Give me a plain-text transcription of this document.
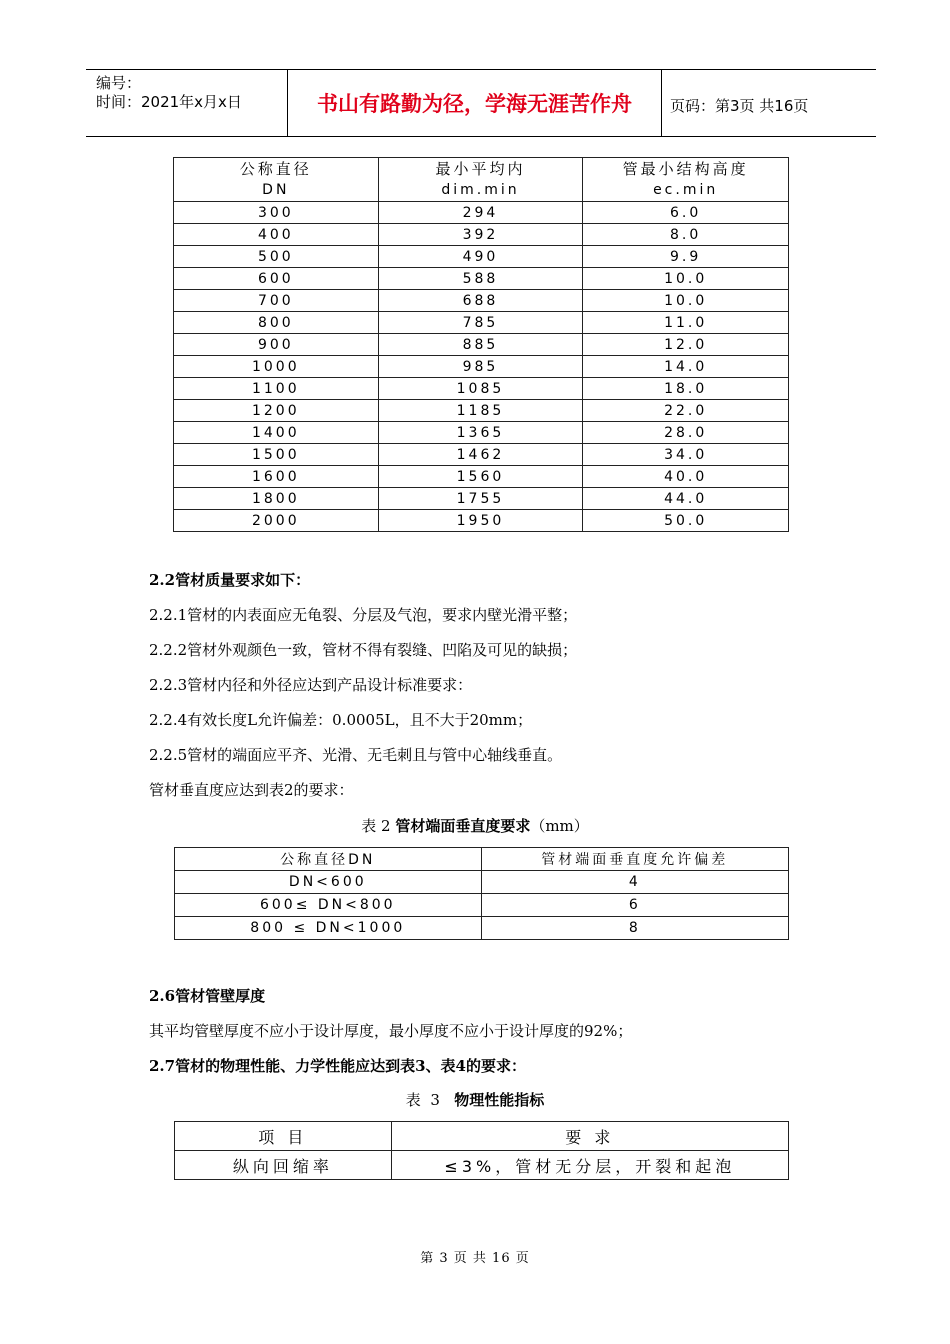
编号：
时间：2021年x月x日	书山有路勤为径，学海无涯苦作舟	页码：第3页 共16页
公称直径	最小平均内	管最小结构高度
DN	dim.min	ec.min
300	294	6.0
400	392	8.0
500	490	9.9
600	588	10.0
700	688	10.0
800	785	11.0
900	885	12.0
1000	985	14.0
1100	1085	18.0
1200	1185	22.0
1400	1365	28.0
1500	1462	34.0
1600	1560	40.0
1800	1755	44.0
2000	1950	50.0
2.2管材质量要求如下：
2.2.1管材的内表面应无龟裂、分层及气泡，要求内壁光滑平整；
2.2.2管材外观颜色一致，管材不得有裂缝、凹陷及可见的缺损；
2.2.3管材内径和外径应达到产品设计标准要求：
2.2.4有效长度L允许偏差：0.0005L，且不大于20mm；
2.2.5管材的端面应平齐、光滑、无毛刺且与管中心轴线垂直。
管材垂直度应达到表2的要求：
表 2 管材端面垂直度要求（mm）
公称直径DN	管材端面垂直度允许偏差
DN<600	4
600≤ DN<800	6
800 ≤ DN<1000	8
2.6管材管壁厚度
其平均管壁厚度不应小于设计厚度，最小厚度不应小于设计厚度的92%；
2.7管材的物理性能、力学性能应达到表3、表4的要求：
表  3 物理性能指标
项 目	要 求
纵向回缩率	≤3%，管材无分层，开裂和起泡
第 3 页 共 16 页
